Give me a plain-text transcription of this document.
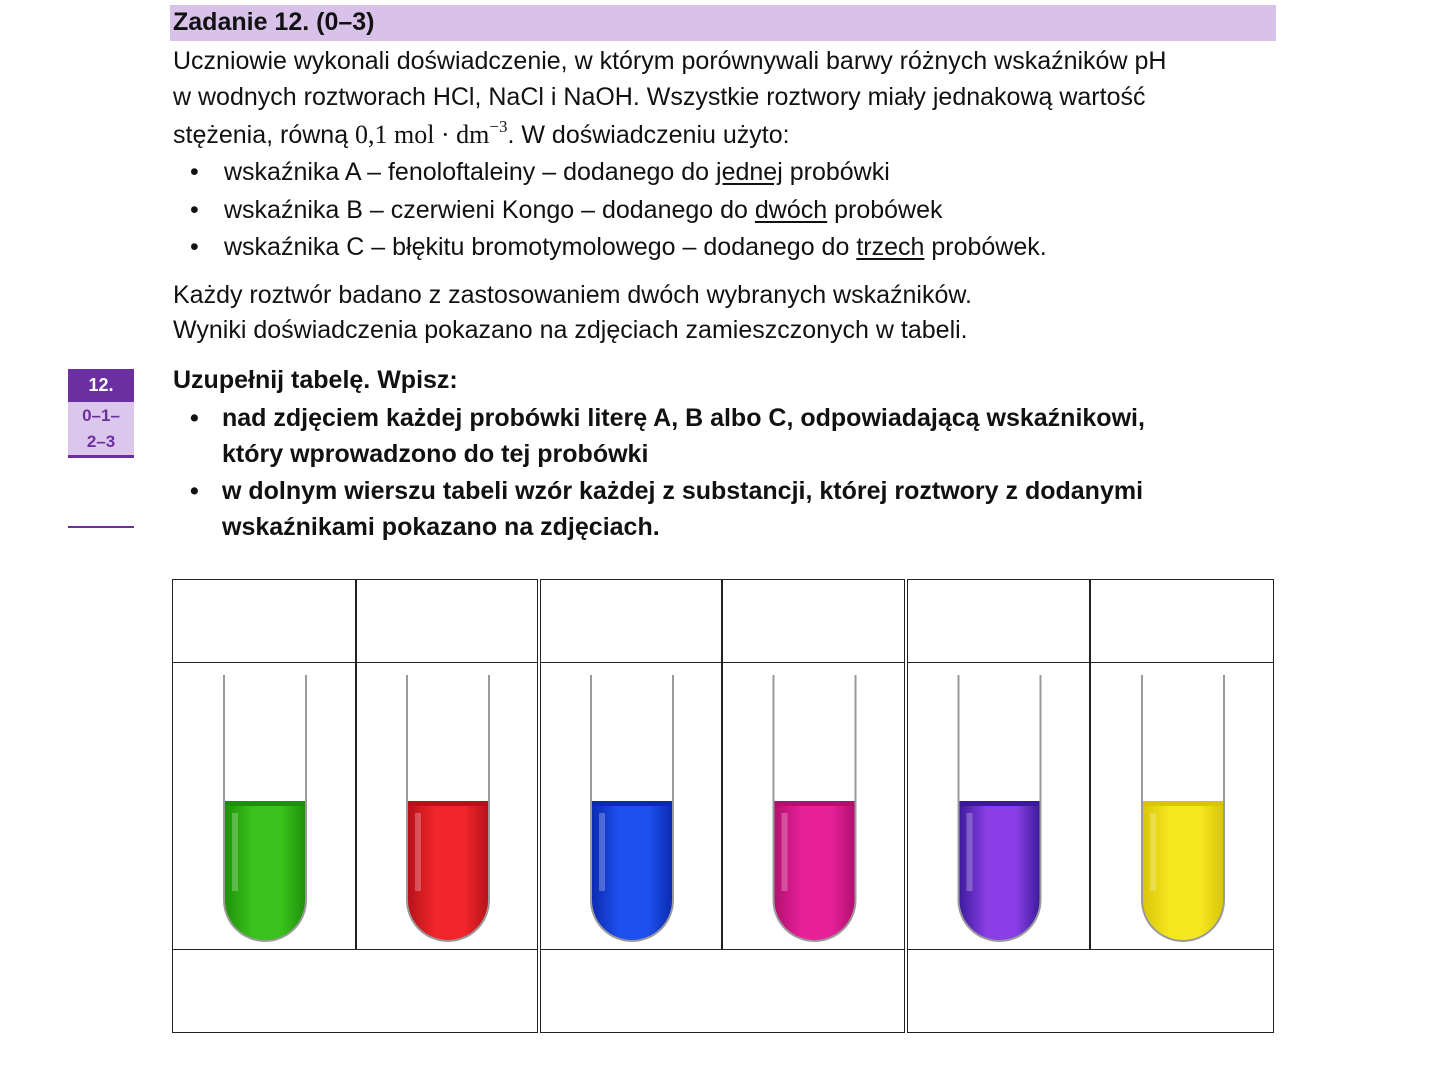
Zadanie 12. (0–3)
Uczniowie wykonali doświadczenie, w którym porównywali barwy różnych wskaźników pH
w wodnych roztworach HCl, NaCl i NaOH. Wszystkie roztwory miały jednakową wartość
stężenia, równą 0,1 mol · $dm^{-3}$. W doświadczeniu użyto:
• wskaźnika A – fenoloftaleiny – dodanego do jednej probówki
• wskaźnika B – czerwieni Kongo – dodanego do dwóch probówek
• wskaźnika C – błękitu bromotymolowego – dodanego do trzech probówek.
Każdy roztwór badano z zastosowaniem dwóch wybranych wskaźników.
Wyniki doświadczenia pokazano na zdjęciach zamieszczonych w tabeli.
12.
0–1–
2–3
Uzupełnij tabelę. Wpisz:
• nad zdjęciem każdej probówki literę A, B albo C, odpowiadającą wskaźnikowi,
który wprowadzono do tej probówki
• w dolnym wierszu tabeli wzór każdej z substancji, której roztwory z dodanymi
wskaźnikami pokazano na zdjęciach.
